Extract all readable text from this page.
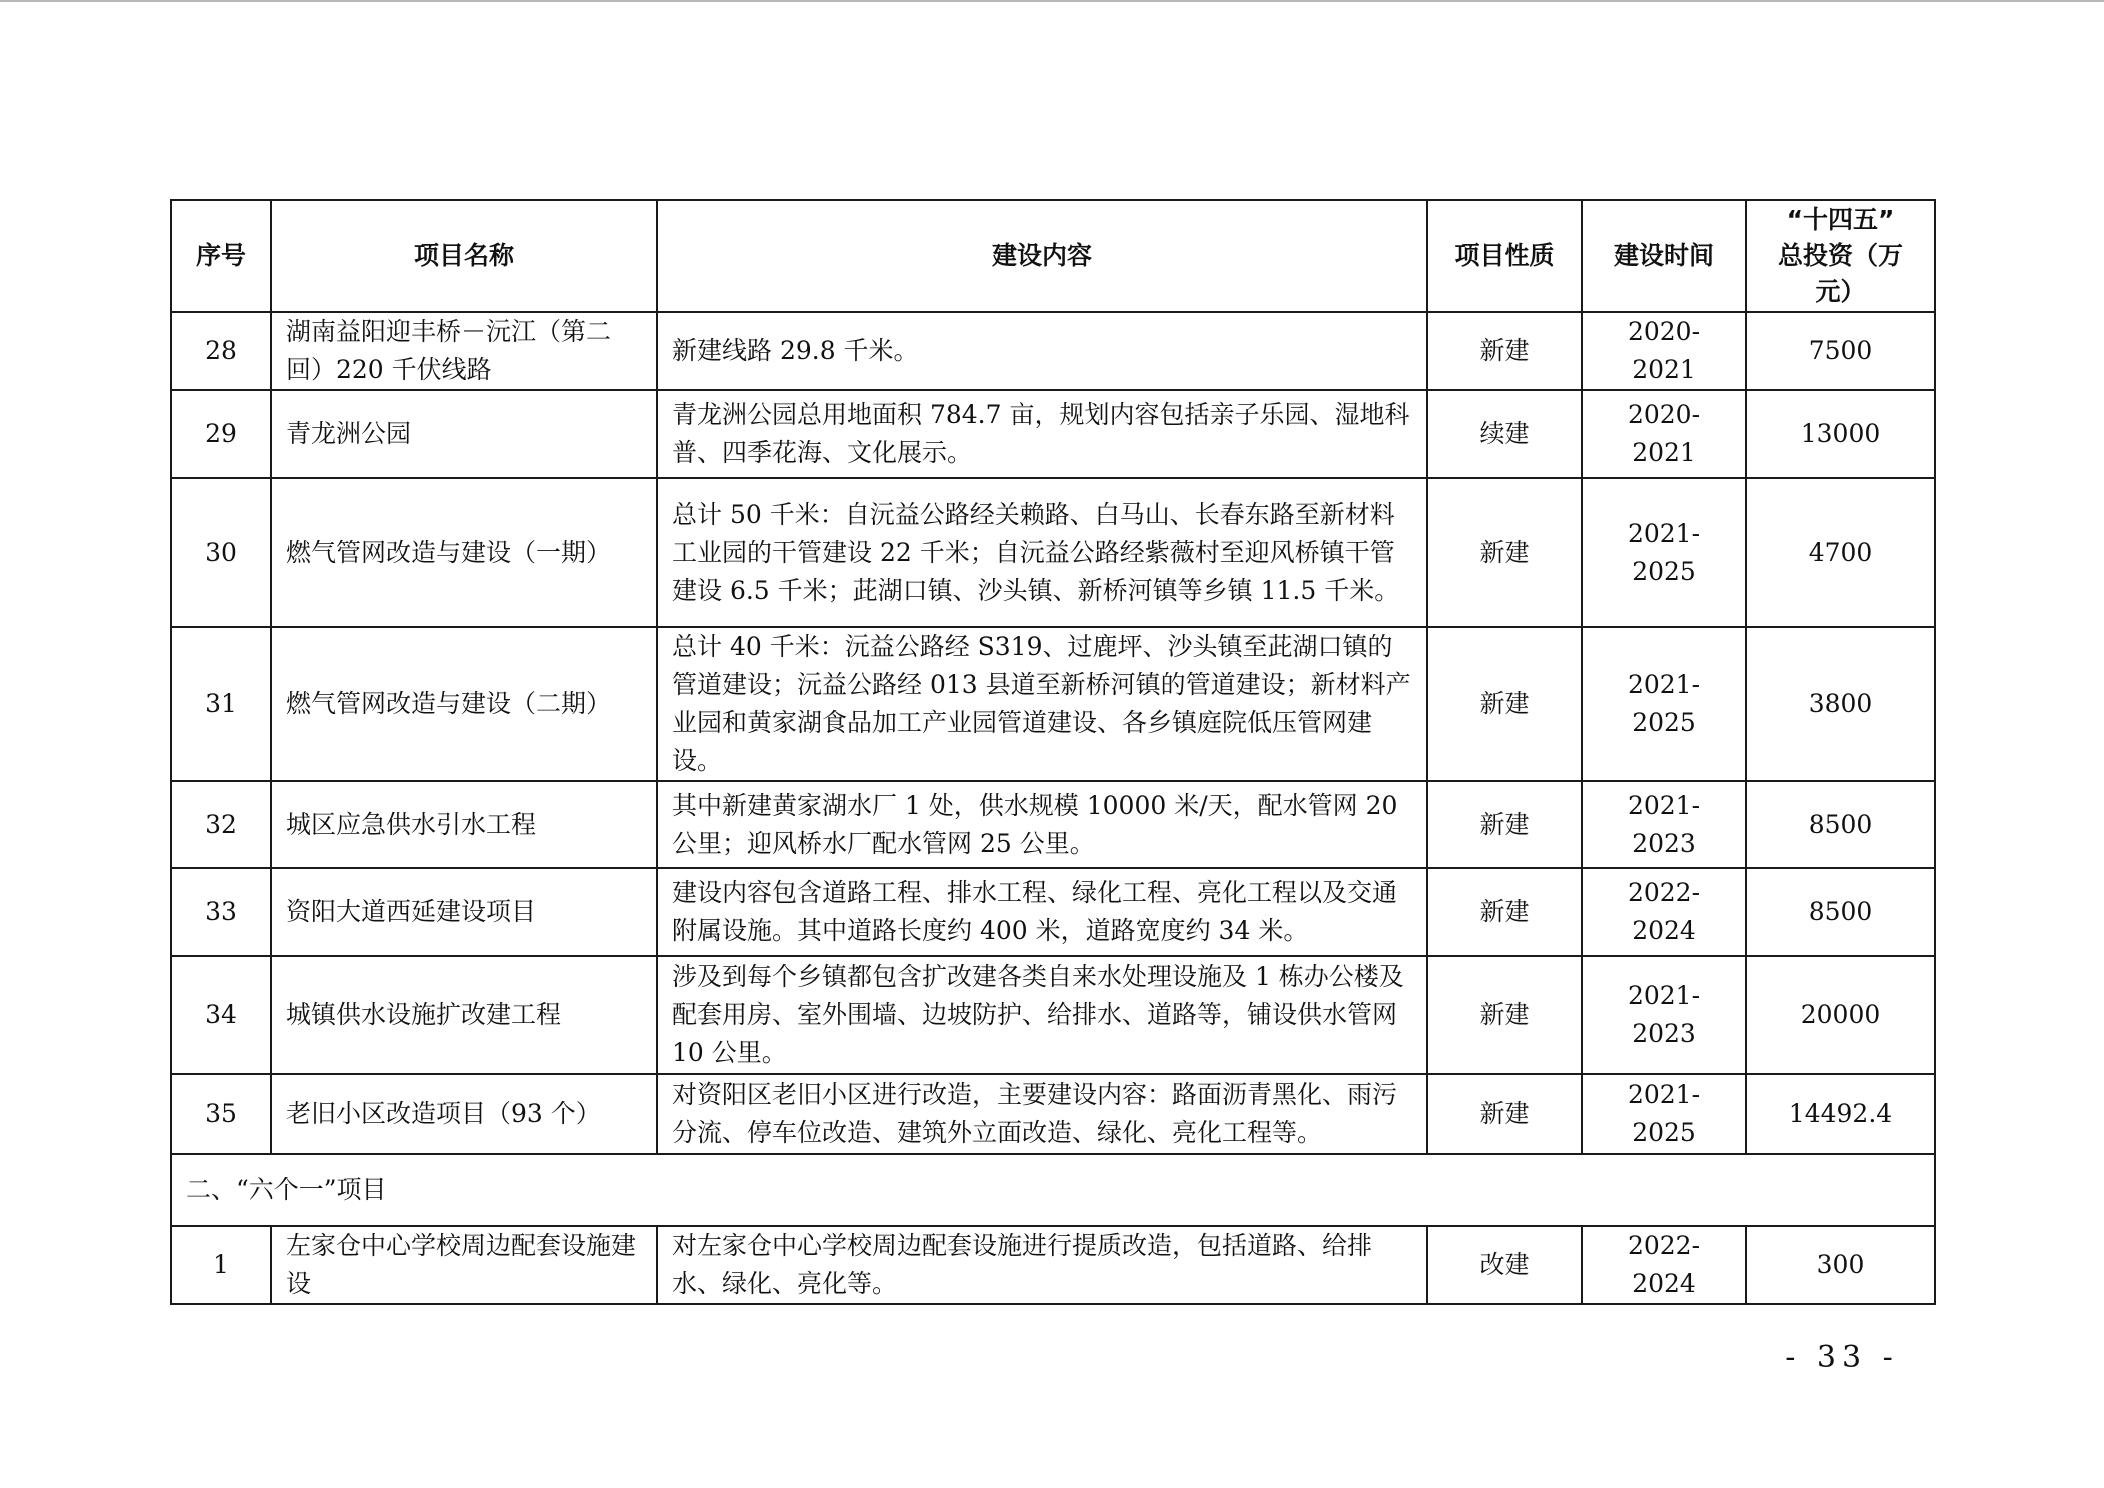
序号	项目名称	建设内容	项目性质	建设时间	“十四五”
总投资（万元）

28	湖南益阳迎丰桥－沅江（第二回）220 千伏线路	新建线路 29.8 千米。	新建	2020-2021	7500
29	青龙洲公园	青龙洲公园总用地面积 784.7 亩，规划内容包括亲子乐园、湿地科普、四季花海、文化展示。	续建	2020-2021	13000
30	燃气管网改造与建设（一期）	总计 50 千米：自沅益公路经关赖路、白马山、长春东路至新材料工业园的干管建设 22 千米；自沅益公路经紫薇村至迎风桥镇干管建设 6.5 千米；茈湖口镇、沙头镇、新桥河镇等乡镇 11.5 千米。	新建	2021-2025	4700
31	燃气管网改造与建设（二期）	总计 40 千米：沅益公路经 S319、过鹿坪、沙头镇至茈湖口镇的管道建设；沅益公路经 013 县道至新桥河镇的管道建设；新材料产业园和黄家湖食品加工产业园管道建设、各乡镇庭院低压管网建设。	新建	2021-2025	3800
32	城区应急供水引水工程	其中新建黄家湖水厂 1 处，供水规模 10000 米/天，配水管网 20 公里；迎风桥水厂配水管网 25 公里。	新建	2021-2023	8500
33	资阳大道西延建设项目	建设内容包含道路工程、排水工程、绿化工程、亮化工程以及交通附属设施。其中道路长度约 400 米，道路宽度约 34 米。	新建	2022-2024	8500
34	城镇供水设施扩改建工程	涉及到每个乡镇都包含扩改建各类自来水处理设施及 1 栋办公楼及配套用房、室外围墙、边坡防护、给排水、道路等，铺设供水管网 10 公里。	新建	2021-2023	20000
35	老旧小区改造项目（93 个）	对资阳区老旧小区进行改造，主要建设内容：路面沥青黑化、雨污分流、停车位改造、建筑外立面改造、绿化、亮化工程等。	新建	2021-2025	14492.4
二、“六个一”项目					
1	左家仓中心学校周边配套设施建设	对左家仓中心学校周边配套设施进行提质改造，包括道路、给排水、绿化、亮化等。	改建	2022-2024	300
- 33 -
